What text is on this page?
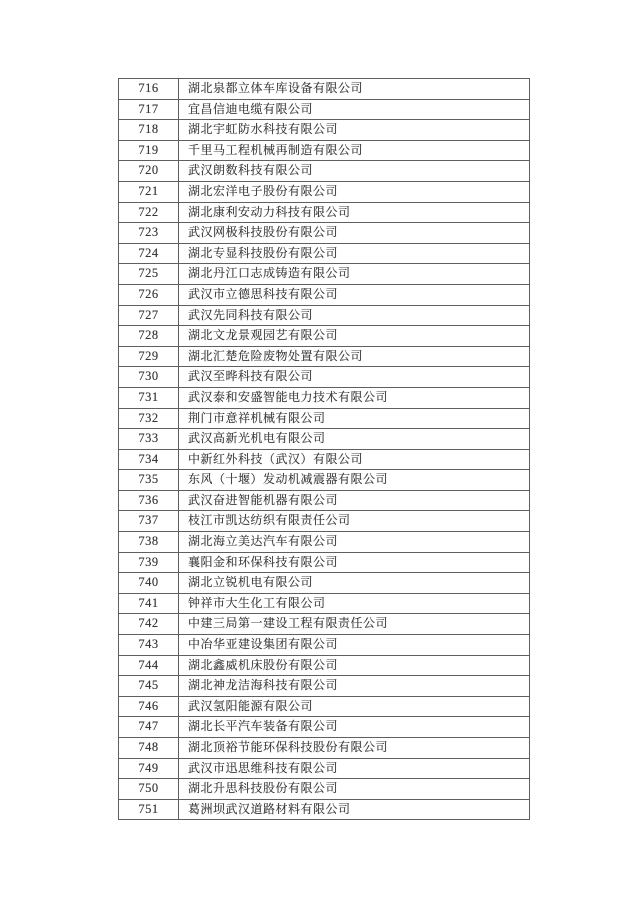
716	湖北泉都立体车库设备有限公司
717	宜昌信迪电缆有限公司
718	湖北宇虹防水科技有限公司
719	千里马工程机械再制造有限公司
720	武汉朗数科技有限公司
721	湖北宏洋电子股份有限公司
722	湖北康利安动力科技有限公司
723	武汉网极科技股份有限公司
724	湖北专显科技股份有限公司
725	湖北丹江口志成铸造有限公司
726	武汉市立德思科技有限公司
727	武汉先同科技有限公司
728	湖北文龙景观园艺有限公司
729	湖北汇楚危险废物处置有限公司
730	武汉至晔科技有限公司
731	武汉泰和安盛智能电力技术有限公司
732	荆门市意祥机械有限公司
733	武汉高新光机电有限公司
734	中新红外科技（武汉）有限公司
735	东风（十堰）发动机减震器有限公司
736	武汉奋进智能机器有限公司
737	枝江市凯达纺织有限责任公司
738	湖北海立美达汽车有限公司
739	襄阳金和环保科技有限公司
740	湖北立锐机电有限公司
741	钟祥市大生化工有限公司
742	中建三局第一建设工程有限责任公司
743	中冶华亚建设集团有限公司
744	湖北鑫威机床股份有限公司
745	湖北神龙洁海科技有限公司
746	武汉氢阳能源有限公司
747	湖北长平汽车装备有限公司
748	湖北顶裕节能环保科技股份有限公司
749	武汉市迅思维科技有限公司
750	湖北升思科技股份有限公司
751	葛洲坝武汉道路材料有限公司
